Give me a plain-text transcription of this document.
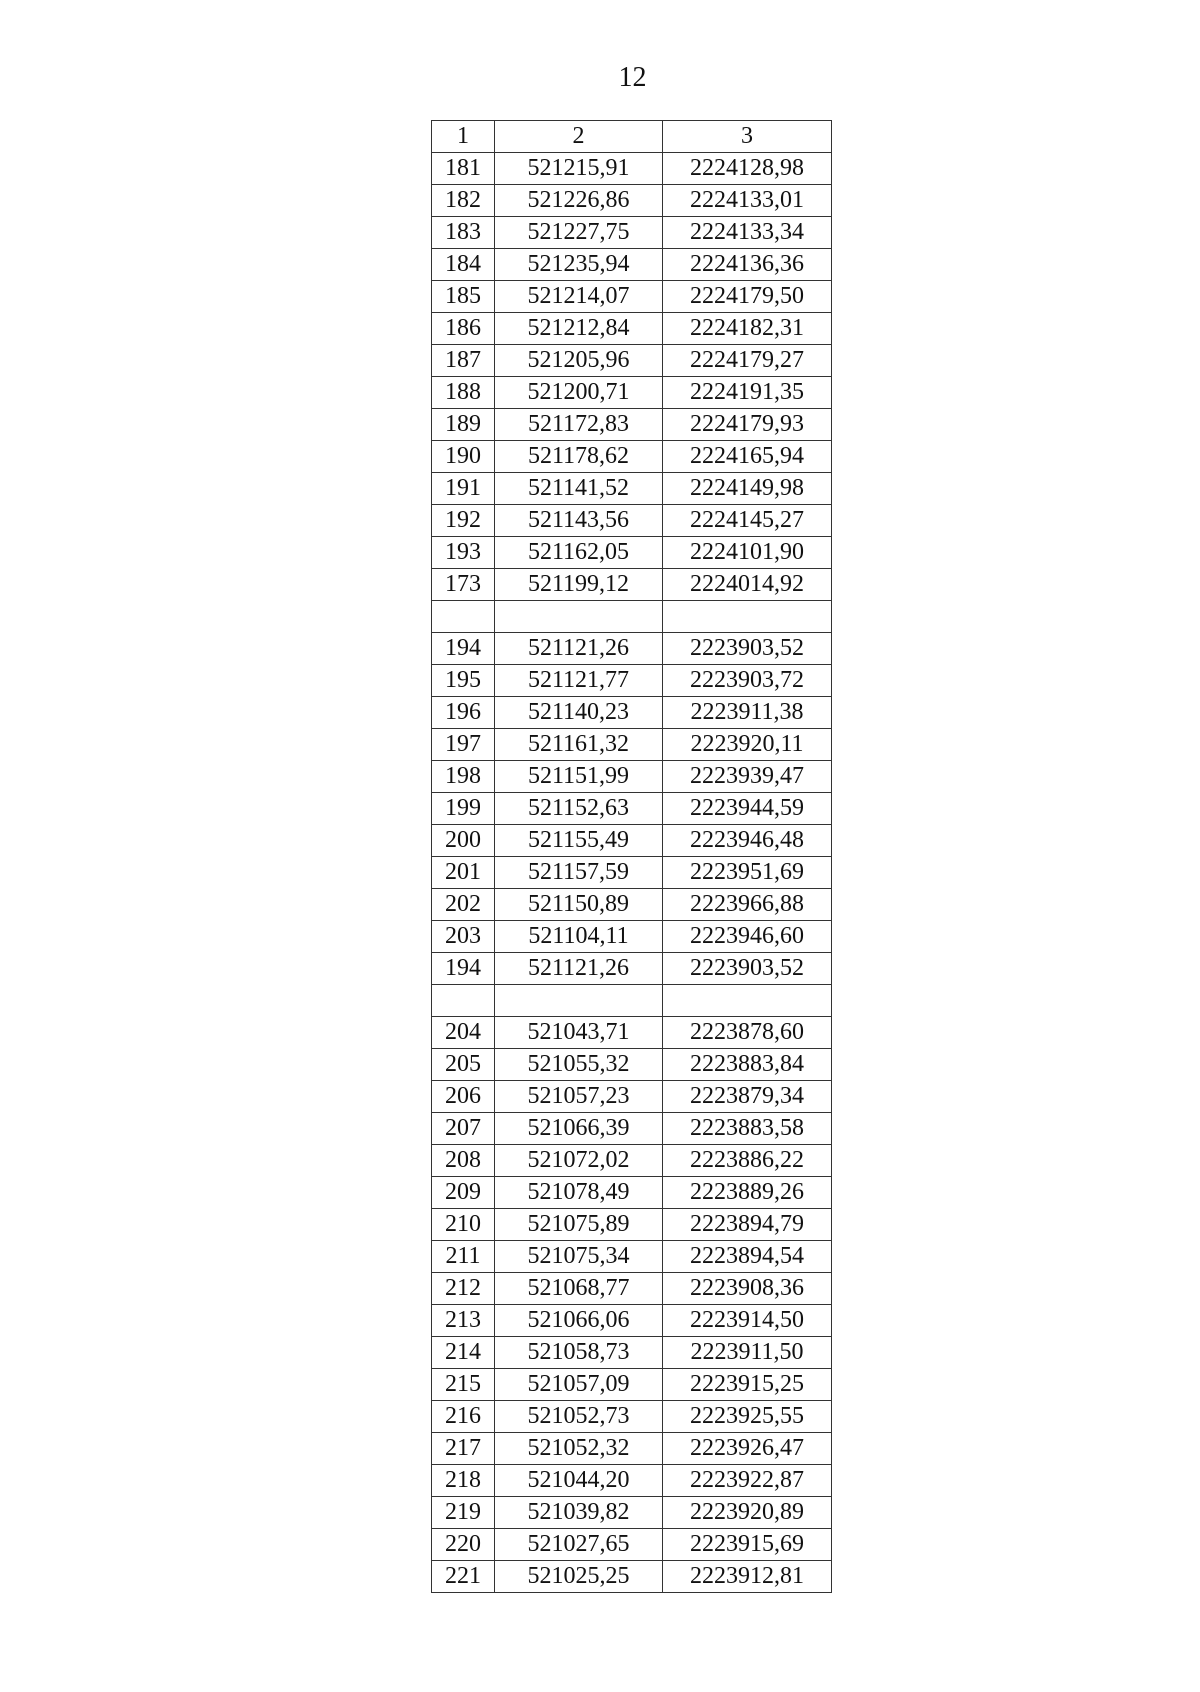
12
1	2	3
181	521215,91	2224128,98
182	521226,86	2224133,01
183	521227,75	2224133,34
184	521235,94	2224136,36
185	521214,07	2224179,50
186	521212,84	2224182,31
187	521205,96	2224179,27
188	521200,71	2224191,35
189	521172,83	2224179,93
190	521178,62	2224165,94
191	521141,52	2224149,98
192	521143,56	2224145,27
193	521162,05	2224101,90
173	521199,12	2224014,92

194	521121,26	2223903,52
195	521121,77	2223903,72
196	521140,23	2223911,38
197	521161,32	2223920,11
198	521151,99	2223939,47
199	521152,63	2223944,59
200	521155,49	2223946,48
201	521157,59	2223951,69
202	521150,89	2223966,88
203	521104,11	2223946,60
194	521121,26	2223903,52

204	521043,71	2223878,60
205	521055,32	2223883,84
206	521057,23	2223879,34
207	521066,39	2223883,58
208	521072,02	2223886,22
209	521078,49	2223889,26
210	521075,89	2223894,79
211	521075,34	2223894,54
212	521068,77	2223908,36
213	521066,06	2223914,50
214	521058,73	2223911,50
215	521057,09	2223915,25
216	521052,73	2223925,55
217	521052,32	2223926,47
218	521044,20	2223922,87
219	521039,82	2223920,89
220	521027,65	2223915,69
221	521025,25	2223912,81
